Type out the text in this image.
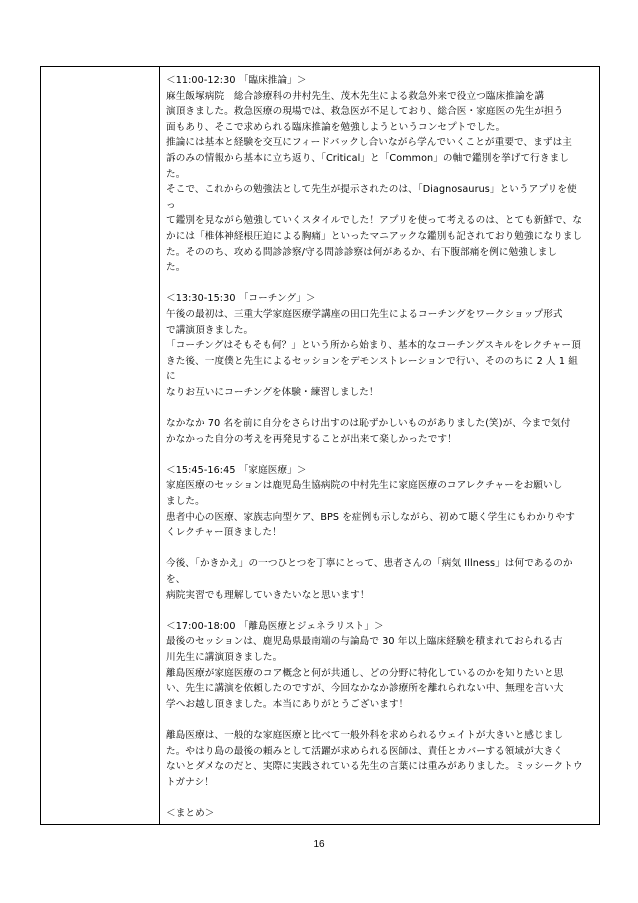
＜11:00-12:30 「臨床推論」＞

麻生飯塚病院　総合診療科の井村先生、茂木先生による救急外来で役立つ臨床推論を講

演頂きました。救急医療の現場では、救急医が不足しており、総合医・家庭医の先生が担う

面もあり、そこで求められる臨床推論を勉強しようというコンセプトでした。

推論には基本と経験を交互にフィードバックし合いながら学んでいくことが重要で、まずは主

訴のみの情報から基本に立ち返り、「Critical」と「Common」の軸で鑑別を挙げて行きました。

そこで、これからの勉強法として先生が提示されたのは、「Diagnosaurus」というアプリを使っ

て鑑別を見ながら勉強していくスタイルでした！アプリを使って考えるのは、とても新鮮で、な

かには「椎体神経根圧迫による胸痛」といったマニアックな鑑別も記されており勉強になりまし

た。そののち、攻める問診診察/守る問診診察は何があるか、右下腹部痛を例に勉強しまし

た。

＜13:30-15:30 「コーチング」＞

午後の最初は、三重大学家庭医療学講座の田口先生によるコーチングをワークショップ形式

で講演頂きました。

「コーチングはそもそも何？」という所から始まり、基本的なコーチングスキルをレクチャー頂

きた後、一度僕と先生によるセッションをデモンストレーションで行い、そののちに 2 人 1 組に

なりお互いにコーチングを体験・練習しました！

なかなか 70 名を前に自分をさらけ出すのは恥ずかしいものがありました(笑)が、今まで気付

かなかった自分の考えを再発見することが出来て楽しかったです！

＜15:45-16:45 「家庭医療」＞

家庭医療のセッションは鹿児島生協病院の中村先生に家庭医療のコアレクチャーをお願いし

ました。

患者中心の医療、家族志向型ケア、BPS を症例も示しながら、初めて聴く学生にもわかりやす

くレクチャー頂きました！

今後、「かきかえ」の一つひとつを丁寧にとって、患者さんの「病気 Illness」は何であるのかを、

病院実習でも理解していきたいなと思います！

＜17:00-18:00 「離島医療とジェネラリスト」＞

最後のセッションは、鹿児島県最南端の与論島で 30 年以上臨床経験を積まれておられる古

川先生に講演頂きました。

離島医療が家庭医療のコア概念と何が共通し、どの分野に特化しているのかを知りたいと思

い、先生に講演を依頼したのですが、今回なかなか診療所を離れられない中、無理を言い大

学へお越し頂きました。本当にありがとうございます！

離島医療は、一般的な家庭医療と比べて一般外科を求められるウェイトが大きいと感じまし

た。やはり島の最後の頼みとして活躍が求められる医師は、責任とカバーする領域が大きく

ないとダメなのだと、実際に実践されている先生の言葉には重みがありました。ミッシークトウ

トガナシ！

＜まとめ＞

16
